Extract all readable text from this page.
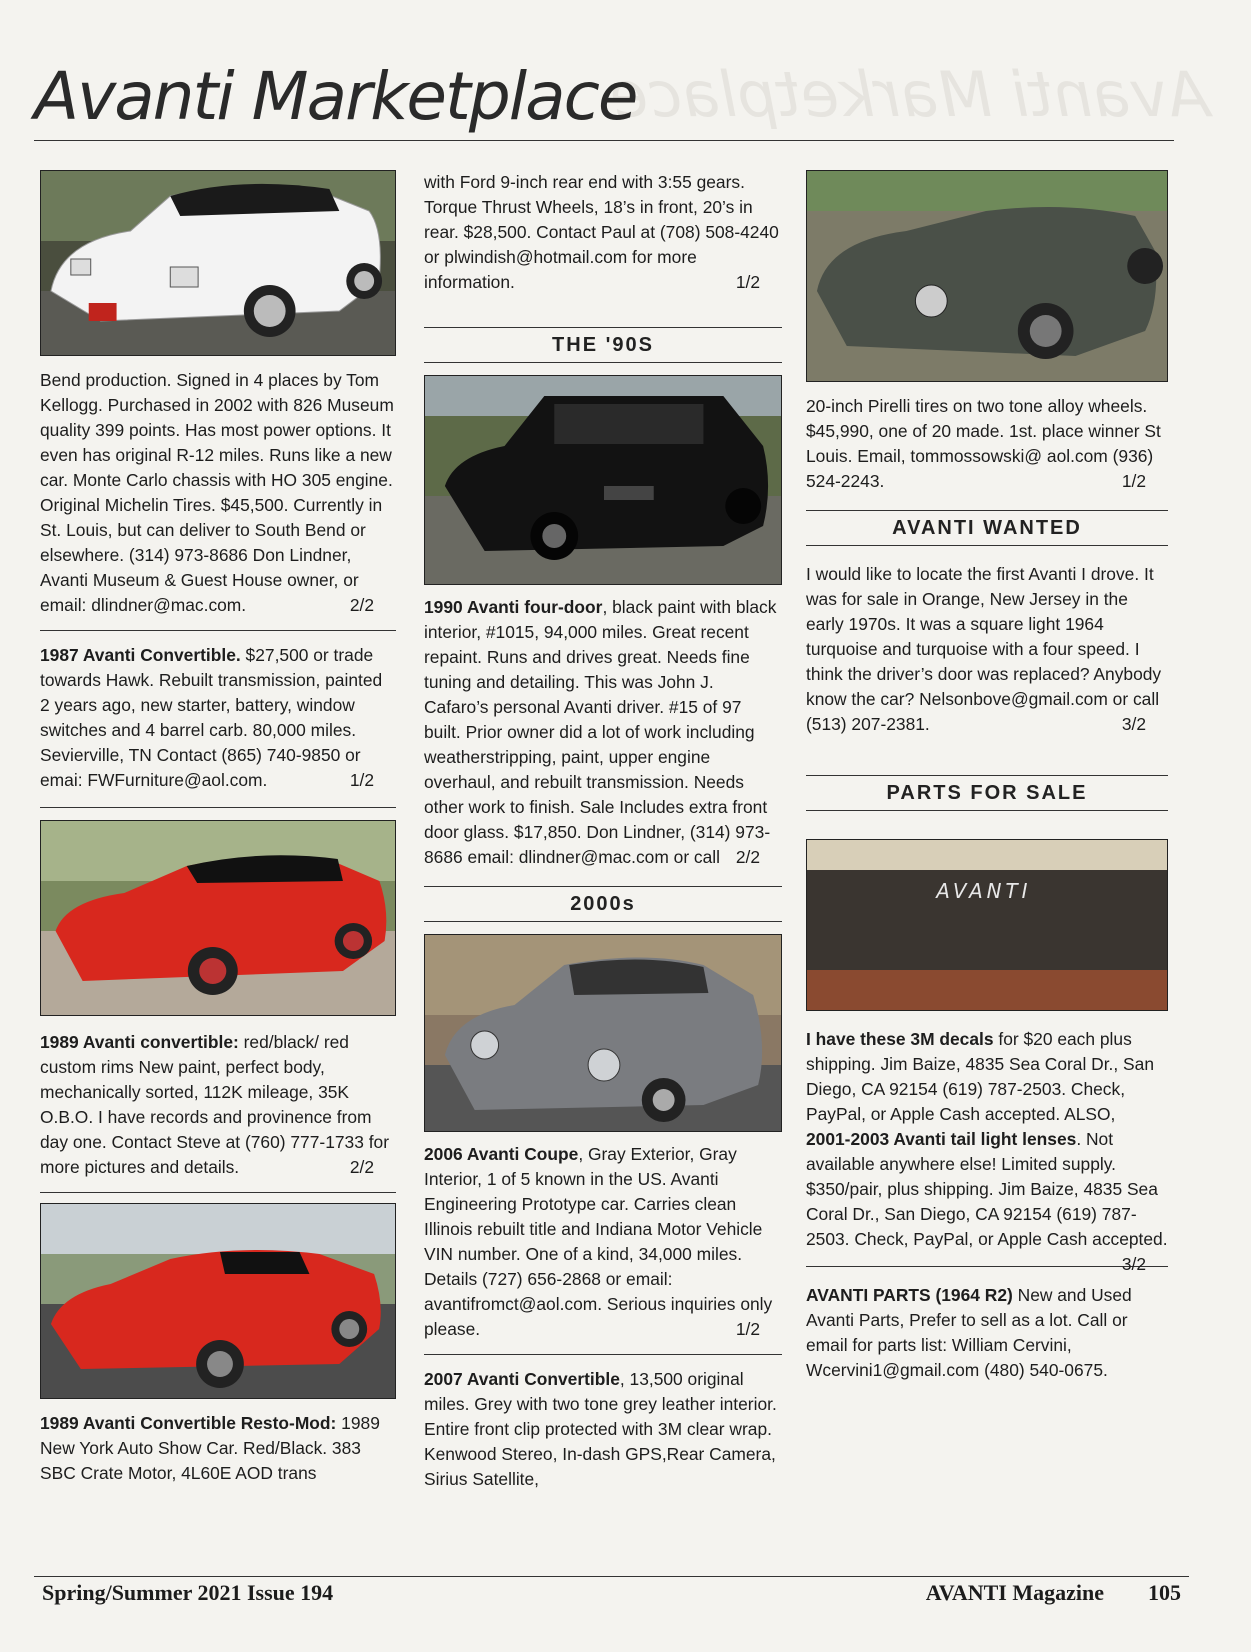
Avanti Marketplace
Avanti Marketplace

Bend production. Signed in 4 places by Tom Kellogg. Purchased in 2002 with 826 Museum quality 399 points. Has most power options. It even has original R-12 miles. Runs like a new car. Monte Carlo chassis with HO 305 engine. Original Michelin Tires. $45,500. Currently in St. Louis, but can deliver to South Bend or elsewhere. (314) 973-8686 Don Lindner, Avanti Museum & Guest House owner, or email: dlindner@mac.com.	2/2

1987 Avanti Convertible. $27,500 or trade towards Hawk. Rebuilt transmission, painted 2 years ago, new starter, battery, window switches and 4 barrel carb. 80,000 miles. Sevierville, TN Contact (865) 740-9850 or emai: FWFurniture@aol.com.	1/2

1989 Avanti convertible: red/black/ red custom rims New paint, perfect body, mechanically sorted, 112K mileage, 35K O.B.O. I have records and provinence from day one. Contact Steve at (760) 777-1733 for more pictures and details.	2/2

1989 Avanti Convertible Resto-Mod: 1989 New York Auto Show Car. Red/Black. 383 SBC Crate Motor, 4L60E AOD trans

with Ford 9-inch rear end with 3:55 gears. Torque Thrust Wheels, 18’s in front, 20’s in rear. $28,500. Contact Paul at (708) 508-4240 or plwindish@hotmail.com for more information.	1/2

THE '90S

1990 Avanti four-door, black paint with black interior, #1015, 94,000 miles. Great recent repaint. Runs and drives great. Needs fine tuning and detailing. This was John J. Cafaro’s personal Avanti driver. #15 of 97 built. Prior owner did a lot of work including weatherstripping, paint, upper engine overhaul, and rebuilt transmission. Needs other work to finish. Sale Includes extra front door glass. $17,850. Don Lindner, (314) 973-8686 email: dlindner@mac.com or call 2/2

2000s

2006 Avanti Coupe, Gray Exterior, Gray Interior, 1 of 5 known in the US. Avanti Engineering Prototype car. Carries clean Illinois rebuilt title and Indiana Motor Vehicle VIN number. One of a kind, 34,000 miles. Details (727) 656-2868 or email: avantifromct@aol.com. Serious inquiries only please.	1/2

2007 Avanti Convertible, 13,500 original miles. Grey with two tone grey leather interior. Entire front clip protected with 3M clear wrap. Kenwood Stereo, In-dash GPS,Rear Camera, Sirius Satellite,

20-inch Pirelli tires on two tone alloy wheels. $45,990, one of 20 made. 1st. place winner St Louis. Email, tommossowski@ aol.com (936) 524-2243.	1/2

AVANTI WANTED

I would like to locate the first Avanti I drove. It was for sale in Orange, New Jersey in the early 1970s. It was a square light 1964 turquoise and turquoise with a four speed. I think the driver’s door was replaced? Anybody know the car? Nelsonbove@gmail.com or call (513) 207-2381.	3/2

PARTS FOR SALE
AVANTI

I have these 3M decals for $20 each plus shipping. Jim Baize, 4835 Sea Coral Dr., San Diego, CA 92154 (619) 787-2503. Check, PayPal, or Apple Cash accepted. ALSO,
2001-2003 Avanti tail light lenses. Not available anywhere else! Limited supply. $350/pair, plus shipping. Jim Baize, 4835 Sea Coral Dr., San Diego, CA 92154 (619) 787-2503. Check, PayPal, or Apple Cash accepted.
3/2

AVANTI PARTS (1964 R2) New and Used Avanti Parts, Prefer to sell as a lot. Call or email for parts list: William Cervini, Wcervini1@gmail.com (480) 540-0675.

Spring/Summer 2021 Issue 194	AVANTI Magazine 105
